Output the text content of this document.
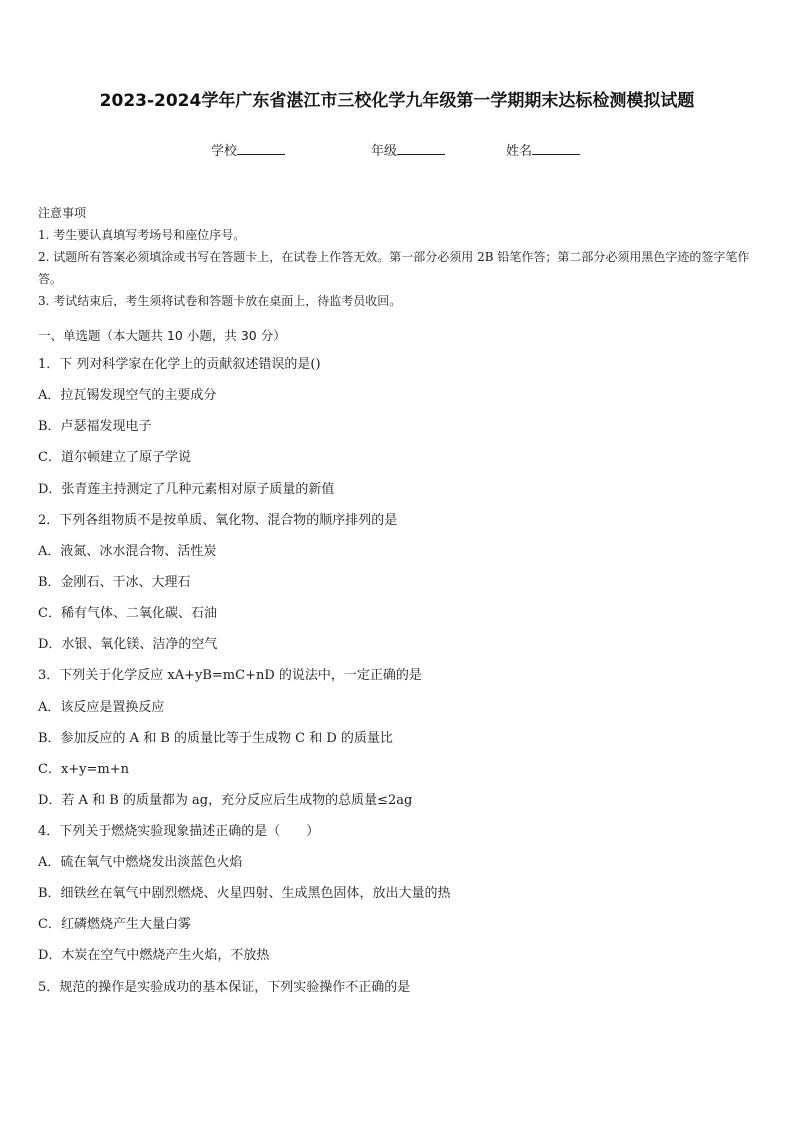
2023-2024学年广东省湛江市三校化学九年级第一学期期末达标检测模拟试题
学校	年级	姓名
注意事项
1. 考生要认真填写考场号和座位序号。
2. 试题所有答案必须填涂或书写在答题卡上，在试卷上作答无效。第一部分必须用 2B 铅笔作答；第二部分必须用黑色字迹的签字笔作答。
3. 考试结束后，考生须将试卷和答题卡放在桌面上，待监考员收回。
一、单选题（本大题共 10 小题，共 30 分）
1．下 列对科学家在化学上的贡献叙述错误的是()
A．拉瓦锡发现空气的主要成分
B．卢瑟福发现电子
C．道尔顿建立了原子学说
D．张青莲主持测定了几种元素相对原子质量的新值
2．下列各组物质不是按单质、氧化物、混合物的顺序排列的是
A．液氮、冰水混合物、活性炭
B．金刚石、干冰、大理石
C．稀有气体、二氧化碳、石油
D．水银、氧化镁、洁净的空气
3．下列关于化学反应 xA+yB=mC+nD 的说法中，一定正确的是
A．该反应是置换反应
B．参加反应的 A 和 B 的质量比等于生成物 C 和 D 的质量比
C．x+y=m+n
D．若 A 和 B 的质量都为 ag，充分反应后生成物的总质量≤2ag
4．下列关于燃烧实验现象描述正确的是（　　）
A．硫在氧气中燃烧发出淡蓝色火焰
B．细铁丝在氧气中剧烈燃烧、火星四射、生成黑色固体，放出大量的热
C．红磷燃烧产生大量白雾
D．木炭在空气中燃烧产生火焰，不放热
5．规范的操作是实验成功的基本保证，下列实验操作不正确的是
